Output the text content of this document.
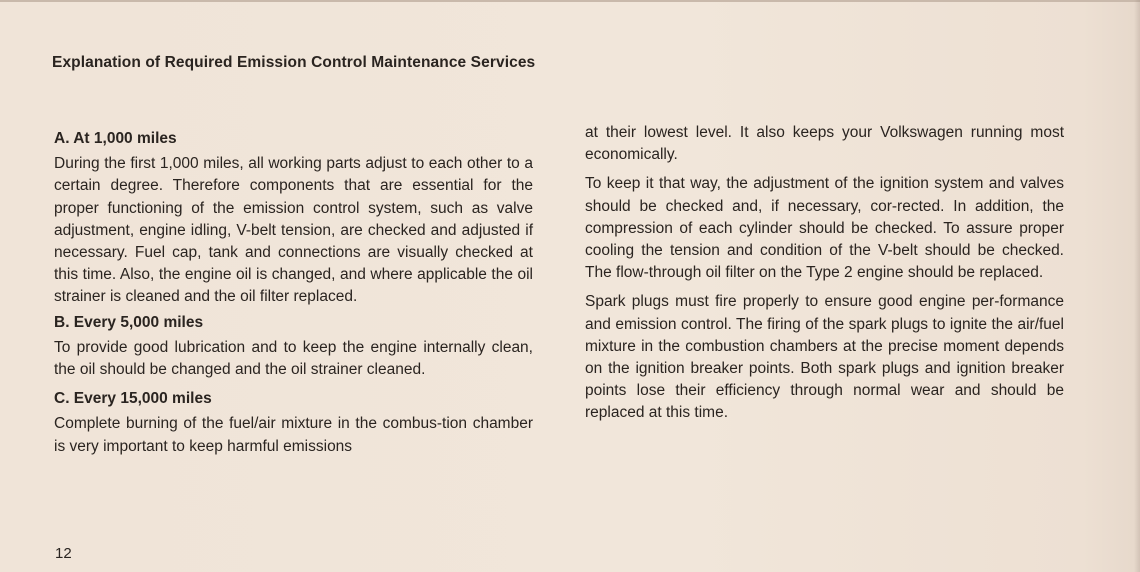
Explanation of Required Emission Control Maintenance Services

A. At 1,000 miles

During the first 1,000 miles, all working parts adjust to each other to a certain degree. Therefore components that are essential for the proper functioning of the emission control system, such as valve adjustment, engine idling, V-belt tension, are checked and adjusted if necessary. Fuel cap, tank and connections are visually checked at this time. Also, the engine oil is changed, and where applicable the oil strainer is cleaned and the oil filter replaced.

B. Every 5,000 miles

To provide good lubrication and to keep the engine internally clean, the oil should be changed and the oil strainer cleaned.

C. Every 15,000 miles

Complete burning of the fuel/air mixture in the combus-tion chamber is very important to keep harmful emissions

at their lowest level. It also keeps your Volkswagen running most economically.

To keep it that way, the adjustment of the ignition system and valves should be checked and, if necessary, cor-rected. In addition, the compression of each cylinder should be checked. To assure proper cooling the tension and condition of the V-belt should be checked. The flow-through oil filter on the Type 2 engine should be replaced.

Spark plugs must fire properly to ensure good engine per-formance and emission control. The firing of the spark plugs to ignite the air/fuel mixture in the combustion chambers at the precise moment depends on the ignition breaker points. Both spark plugs and ignition breaker points lose their efficiency through normal wear and should be replaced at this time.

12
